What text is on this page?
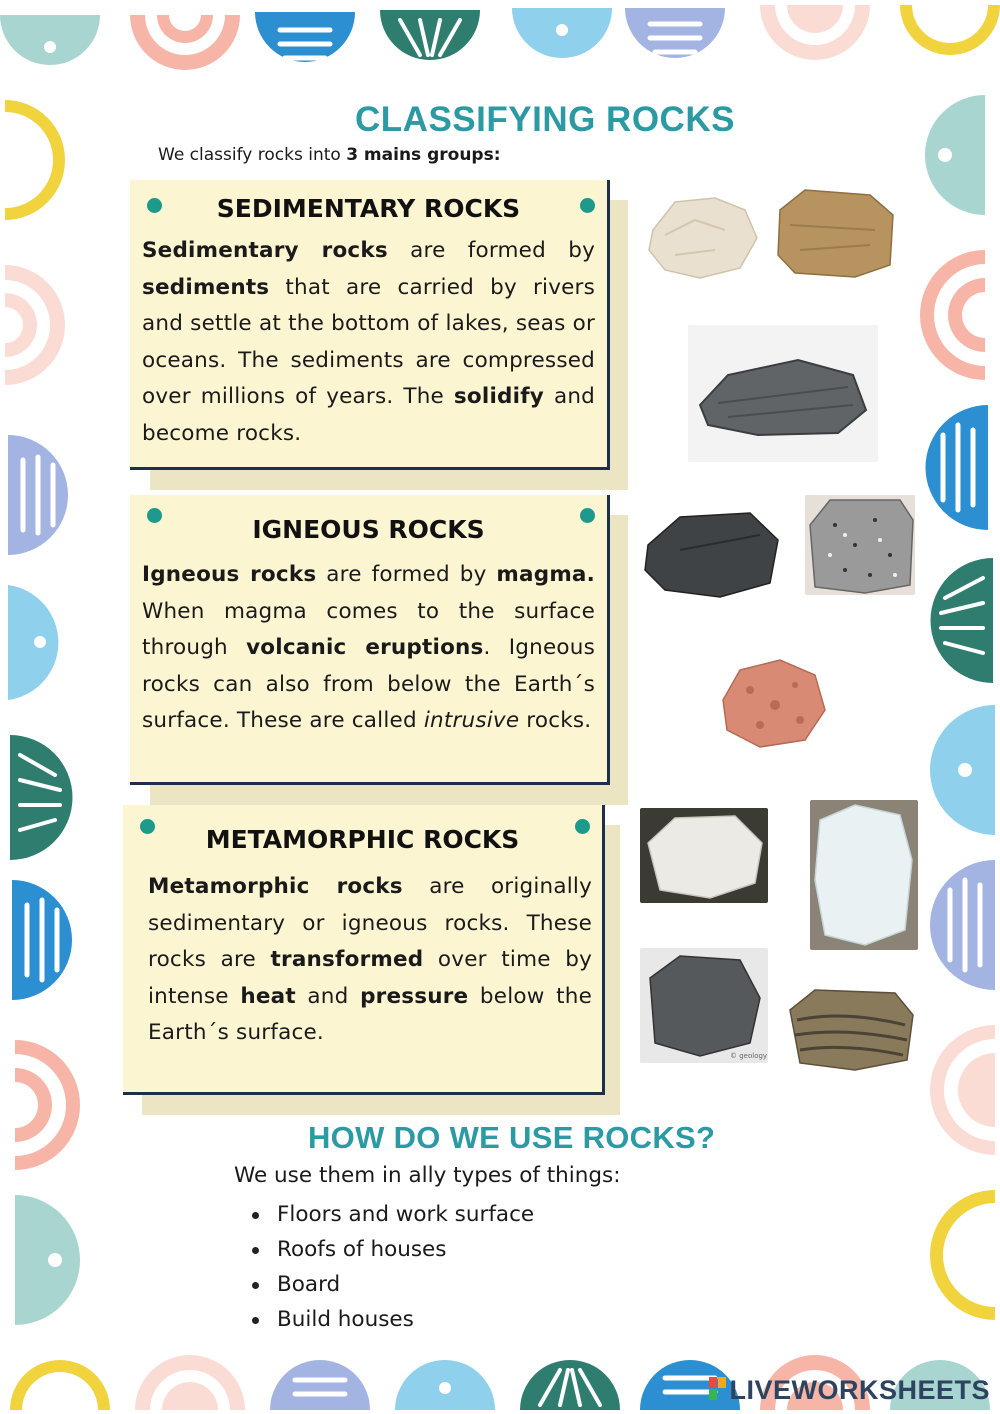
CLASSIFYING ROCKS
We classify rocks into 3 mains groups:
SEDIMENTARY ROCKS

Sedimentary rocks are formed by sediments that are carried by rivers and settle at the bottom of lakes, seas or oceans. The sediments are compressed over millions of years. The solidify and become rocks.

IGNEOUS ROCKS

Igneous rocks are formed by magma. When magma comes to the surface through volcanic eruptions. Igneous rocks can also from below the Earth´s surface. These are called intrusive rocks.

METAMORPHIC ROCKS

Metamorphic rocks are originally sedimentary or igneous rocks. These rocks are transformed over time by intense heat and pressure below the Earth´s surface.

© geology
HOW DO WE USE ROCKS?
We use them in ally types of things:
Floors and work surface
Roofs of houses
Board
Build houses
LIVEWORKSHEETS
